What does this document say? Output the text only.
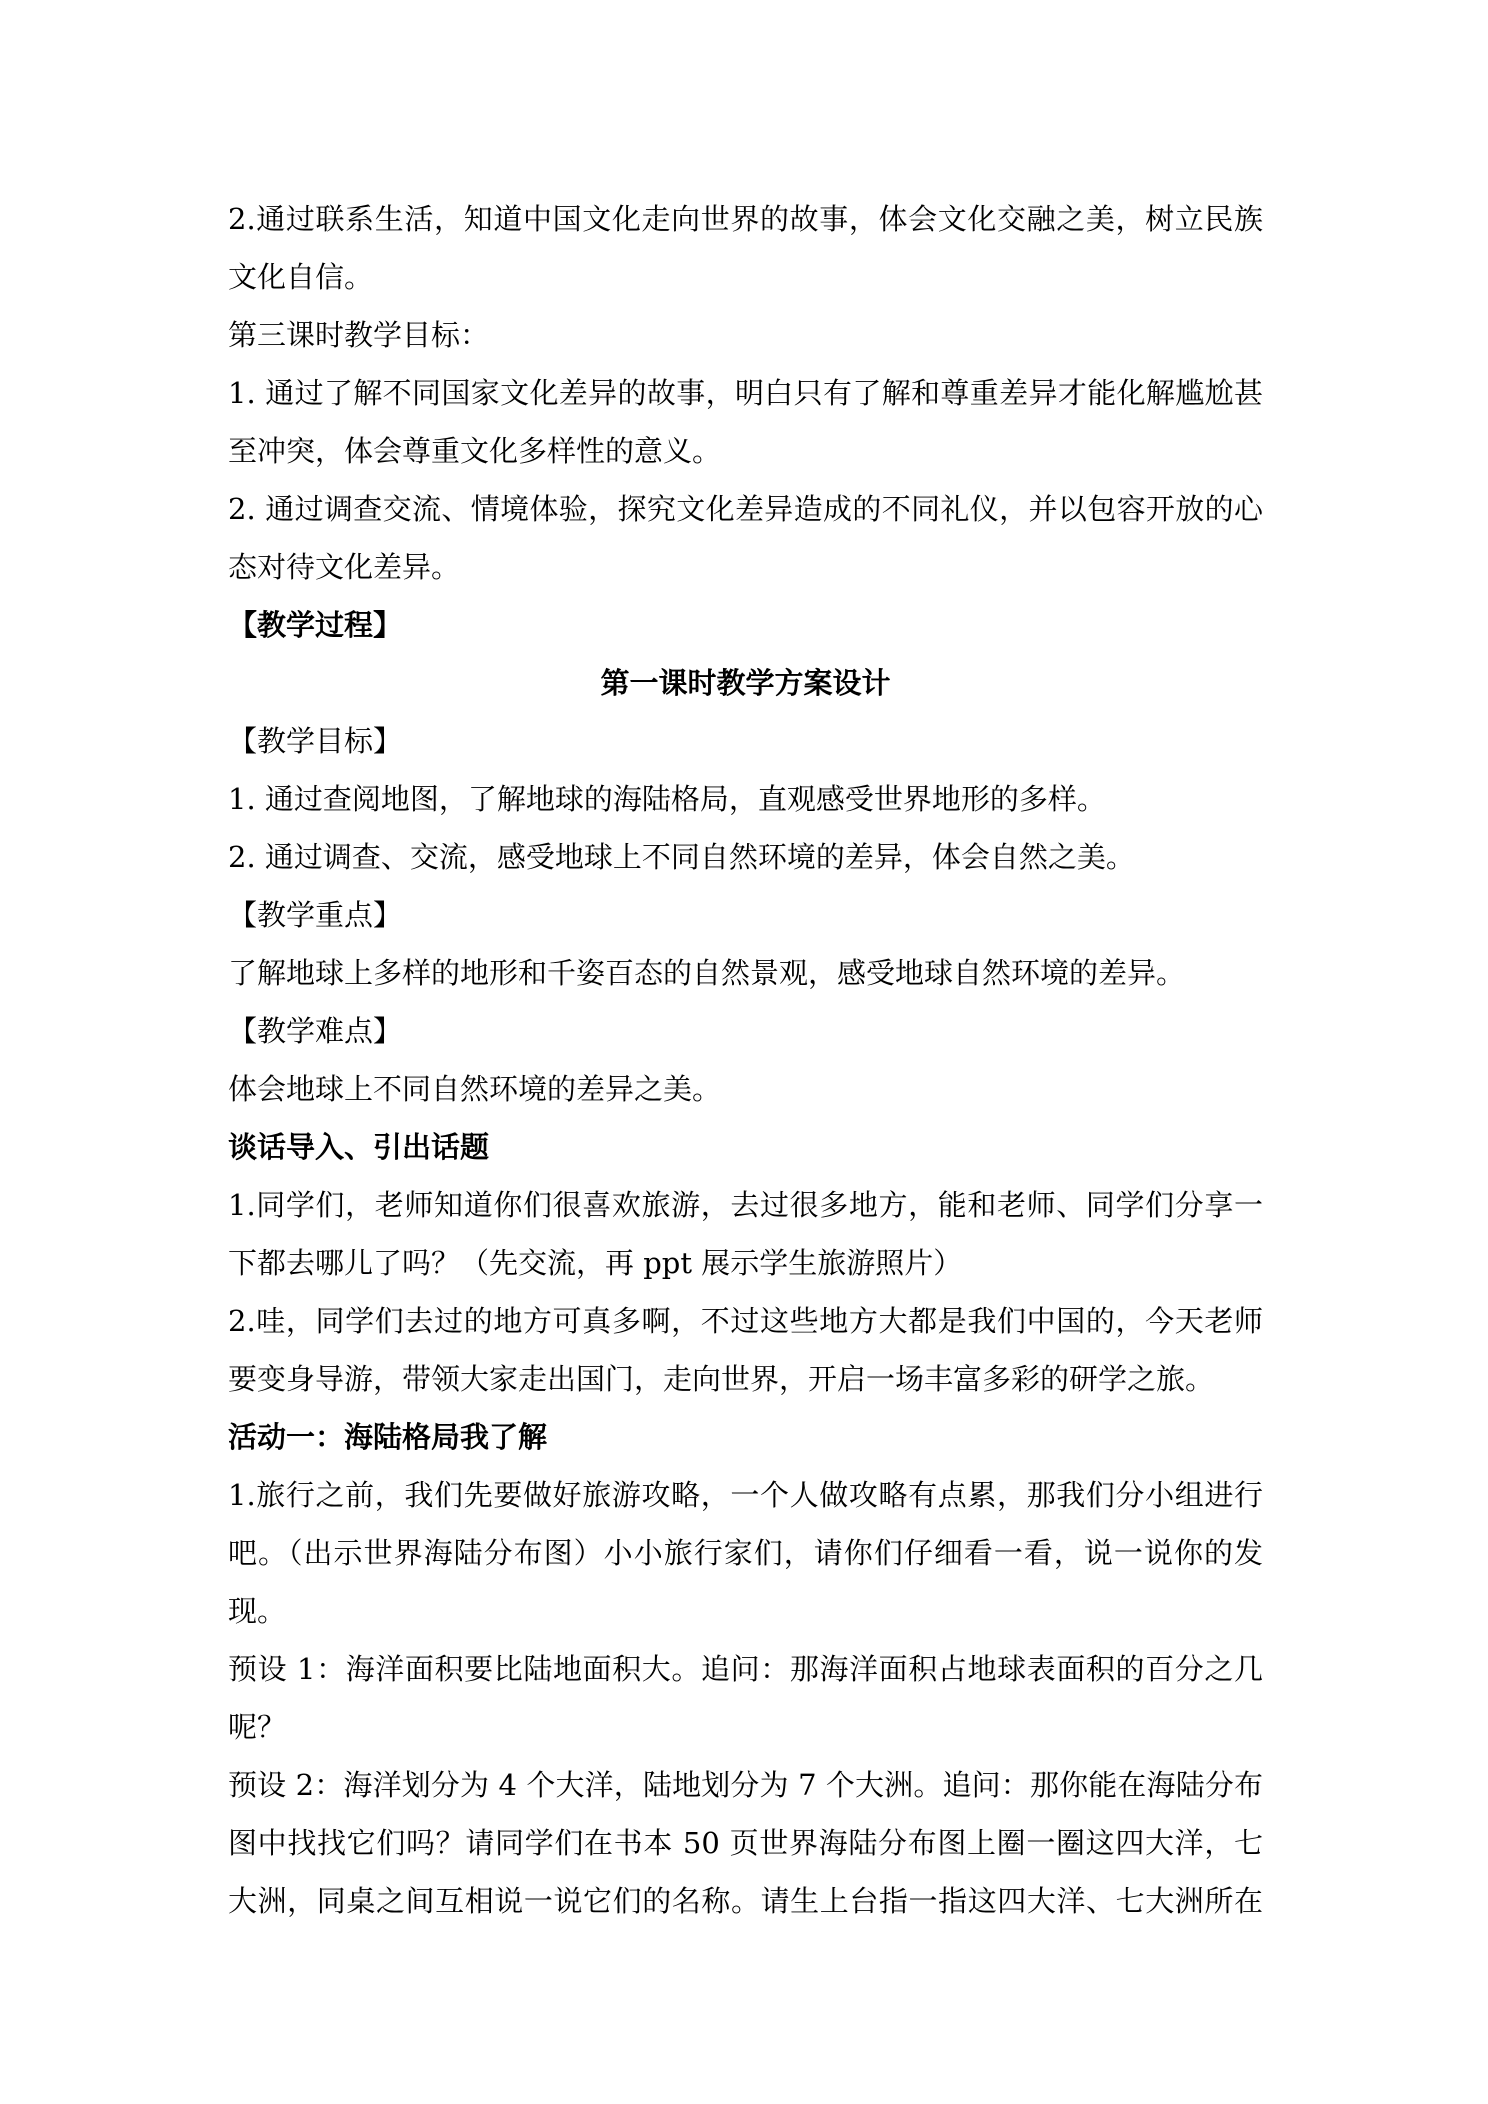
2.通过联系生活，知道中国文化走向世界的故事，体会文化交融之美，树立民族

文化自信。

第三课时教学目标：

1. 通过了解不同国家文化差异的故事，明白只有了解和尊重差异才能化解尴尬甚

至冲突，体会尊重文化多样性的意义。

2. 通过调查交流、情境体验，探究文化差异造成的不同礼仪，并以包容开放的心

态对待文化差异。

【教学过程】

第一课时教学方案设计

【教学目标】

1. 通过查阅地图，了解地球的海陆格局，直观感受世界地形的多样。

2. 通过调查、交流，感受地球上不同自然环境的差异，体会自然之美。

【教学重点】

了解地球上多样的地形和千姿百态的自然景观，感受地球自然环境的差异。

【教学难点】

体会地球上不同自然环境的差异之美。

谈话导入、引出话题

1.同学们，老师知道你们很喜欢旅游，去过很多地方，能和老师、同学们分享一

下都去哪儿了吗？（先交流，再 ppt 展示学生旅游照片）

2.哇，同学们去过的地方可真多啊，不过这些地方大都是我们中国的，今天老师

要变身导游，带领大家走出国门，走向世界，开启一场丰富多彩的研学之旅。

活动一：海陆格局我了解

1.旅行之前，我们先要做好旅游攻略，一个人做攻略有点累，那我们分小组进行

吧。（出示世界海陆分布图）小小旅行家们，请你们仔细看一看，说一说你的发

现。

预设 1：海洋面积要比陆地面积大。追问：那海洋面积占地球表面积的百分之几

呢？

预设 2：海洋划分为 4 个大洋，陆地划分为 7 个大洲。追问：那你能在海陆分布

图中找找它们吗？请同学们在书本 50 页世界海陆分布图上圈一圈这四大洋，七

大洲，同桌之间互相说一说它们的名称。请生上台指一指这四大洋、七大洲所在
